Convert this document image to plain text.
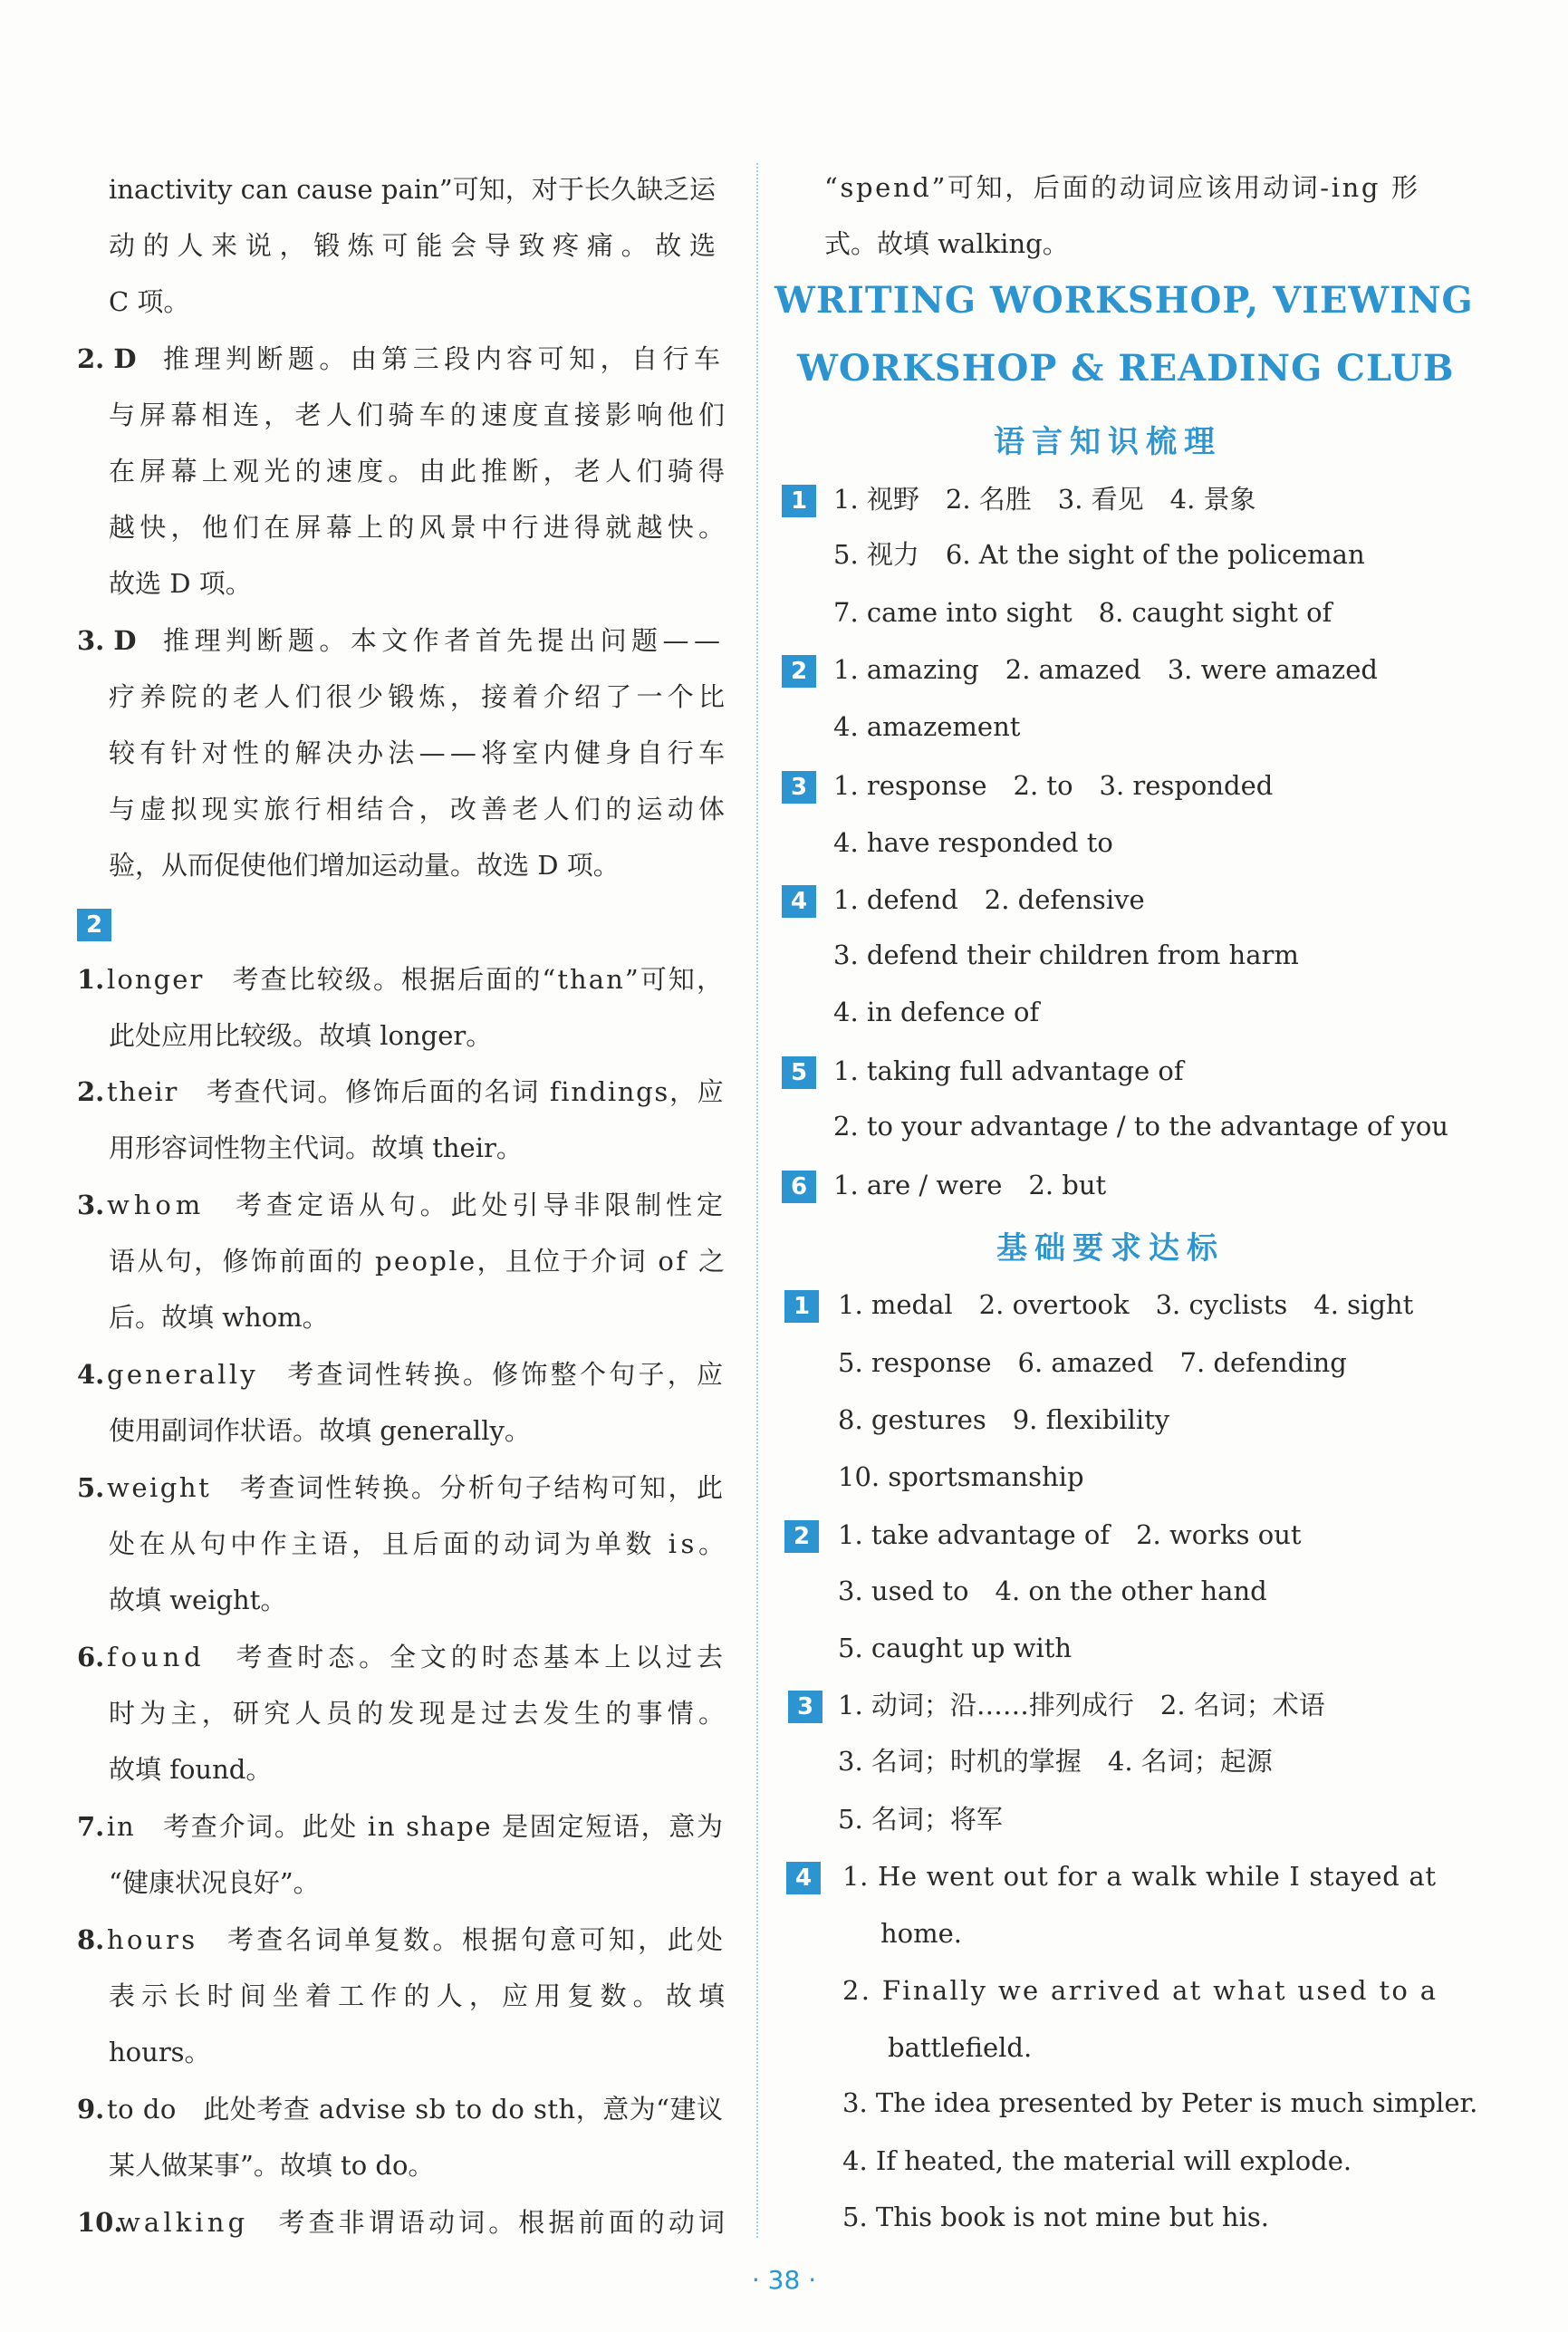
inactivity can cause pain”可知，对于长久缺乏运
动的人来说，锻炼可能会导致疼痛。故选
C 项。
2. D 推理判断题。由第三段内容可知，自行车
与屏幕相连，老人们骑车的速度直接影响他们
在屏幕上观光的速度。由此推断，老人们骑得
越快，他们在屏幕上的风景中行进得就越快。
故选 D 项。
3. D 推理判断题。本文作者首先提出问题——
疗养院的老人们很少锻炼，接着介绍了一个比
较有针对性的解决办法——将室内健身自行车
与虚拟现实旅行相结合，改善老人们的运动体
验，从而促使他们增加运动量。故选 D 项。
2
1. longer　考查比较级。根据后面的“than”可知，
此处应用比较级。故填 longer。
2. their　考查代词。修饰后面的名词 findings，应
用形容词性物主代词。故填 their。
3. whom　考查定语从句。此处引导非限制性定
语从句，修饰前面的 people，且位于介词 of 之
后。故填 whom。
4. generally　考查词性转换。修饰整个句子，应
使用副词作状语。故填 generally。
5. weight　考查词性转换。分析句子结构可知，此
处在从句中作主语，且后面的动词为单数 is。
故填 weight。
6. found　考查时态。全文的时态基本上以过去
时为主，研究人员的发现是过去发生的事情。
故填 found。
7. in　考查介词。此处 in shape 是固定短语，意为
“健康状况良好”。
8. hours　考查名词单复数。根据句意可知，此处
表示长时间坐着工作的人，应用复数。故填
hours。
9. to do　此处考查 advise sb to do sth，意为“建议
某人做某事”。故填 to do。
10.
walking　考查非谓语动词。根据前面的动词
“spend”可知，后面的动词应该用动词-ing 形
式。故填 walking。
WRITING WORKSHOP, VIEWING
WORKSHOP & READING CLUB
语言知识梳理
1 1. 视野　2. 名胜　3. 看见　4. 景象
5. 视力　6. At the sight of the policeman
7. came into sight　8. caught sight of
2 1. amazing　2. amazed　3. were amazed
4. amazement
3 1. response　2. to　3. responded
4. have responded to
4 1. defend　2. defensive
3. defend their children from harm
4. in defence of
5 1. taking full advantage of
2. to your advantage / to the advantage of you
6 1. are / were　2. but
基础要求达标
1	1. medal　2. overtook　3. cyclists　4. sight
5. response　6. amazed　7. defending
8. gestures　9. flexibility
10. sportsmanship
2	1. take advantage of　2. works out
3. used to　4. on the other hand
5. caught up with
3 1. 动词；沿……排列成行　2. 名词；术语
3. 名词；时机的掌握　4. 名词；起源
5. 名词；将军
4	1. He went out for a walk while I stayed at
home.
2. Finally we arrived at what used to a
battlefield.
3. The idea presented by Peter is much simpler.
4. If heated, the material will explode.
5. This book is not mine but his.
· 38 ·
